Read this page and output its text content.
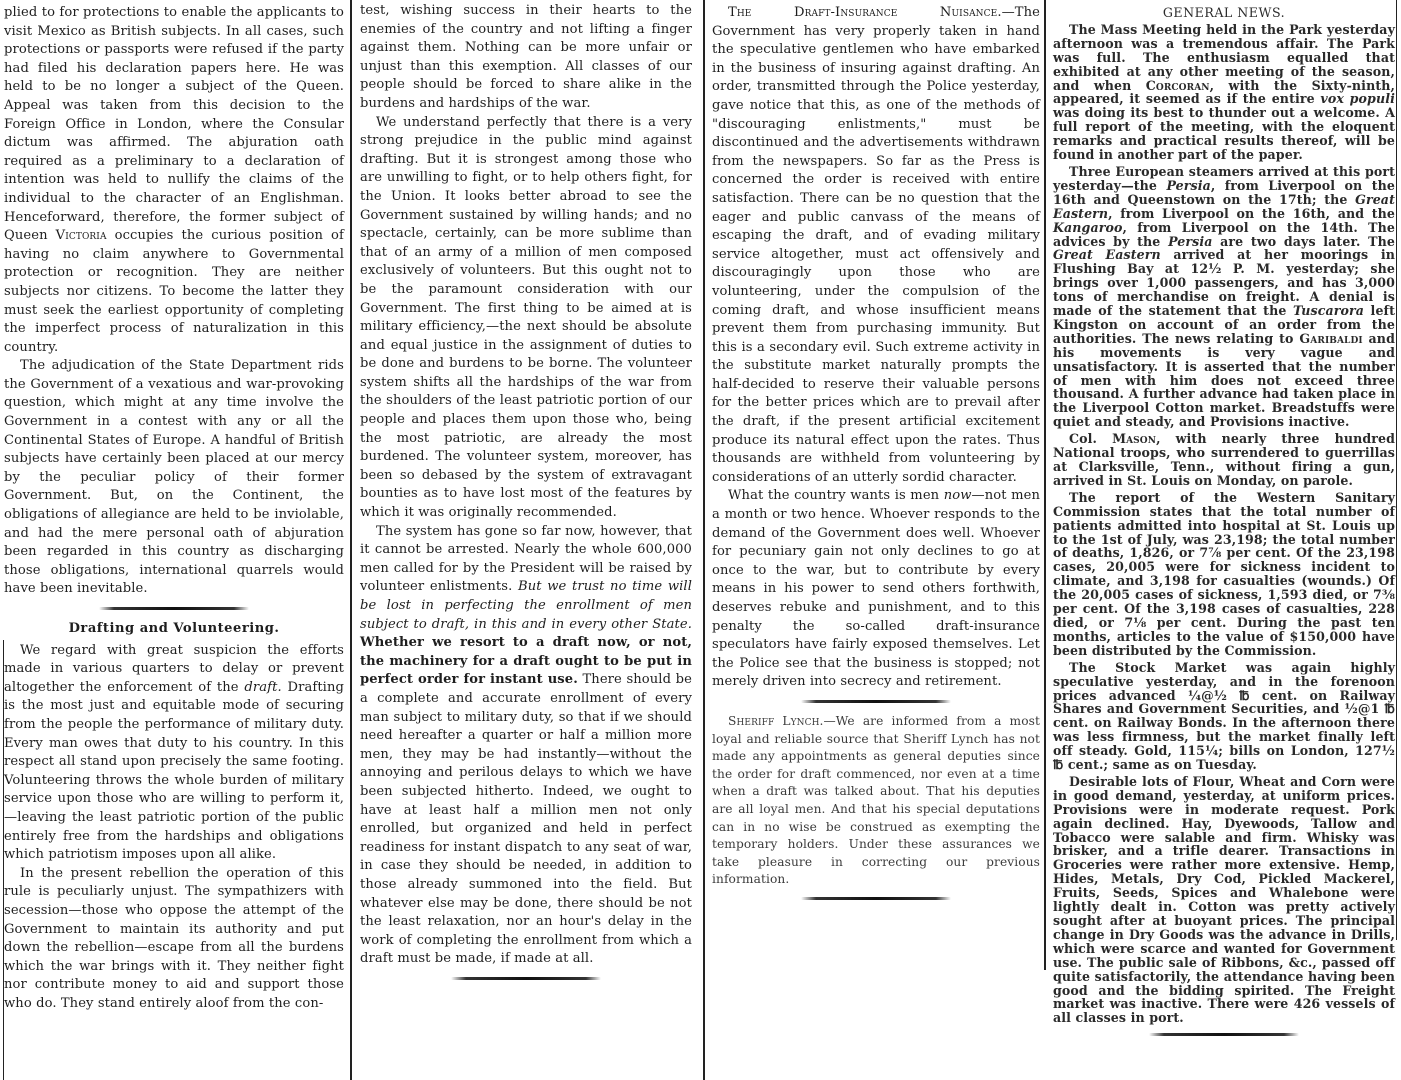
plied to for protections to enable the applicants to visit Mexico as British subjects. In all cases, such protections or passports were refused if the party had filed his declaration papers here. He was held to be no longer a subject of the Queen. Appeal was taken from this decision to the Foreign Office in London, where the Consular dictum was affirmed. The abjuration oath required as a preliminary to a declaration of intention was held to nullify the claims of the individual to the character of an Englishman. Henceforward, therefore, the former subject of Queen Victoria occupies the curious position of having no claim anywhere to Governmental protection or recognition. They are neither subjects nor citizens. To become the latter they must seek the earliest opportunity of completing the imperfect process of naturalization in this country.

The adjudication of the State Department rids the Government of a vexatious and war-provoking question, which might at any time involve the Government in a contest with any or all the Continental States of Europe. A handful of British subjects have certainly been placed at our mercy by the peculiar policy of their former Government. But, on the Continent, the obligations of allegiance are held to be inviolable, and had the mere personal oath of abjuration been regarded in this country as discharging those obligations, international quarrels would have been inevitable.

Drafting and Volunteering.

We regard with great suspicion the efforts made in various quarters to delay or prevent altogether the enforcement of the draft. Drafting is the most just and equitable mode of securing from the people the performance of military duty. Every man owes that duty to his country. In this respect all stand upon precisely the same footing. Volunteering throws the whole burden of military service upon those who are willing to perform it,—leaving the least patriotic portion of the public entirely free from the hardships and obligations which patriotism imposes upon all alike.

In the present rebellion the operation of this rule is peculiarly unjust. The sympathizers with secession—those who oppose the attempt of the Government to maintain its authority and put down the rebellion—escape from all the burdens which the war brings with it. They neither fight nor contribute money to aid and support those who do. They stand entirely aloof from the con-

test, wishing success in their hearts to the enemies of the country and not lifting a finger against them. Nothing can be more unfair or unjust than this exemption. All classes of our people should be forced to share alike in the burdens and hardships of the war.

We understand perfectly that there is a very strong prejudice in the public mind against drafting. But it is strongest among those who are unwilling to fight, or to help others fight, for the Union. It looks better abroad to see the Government sustained by willing hands; and no spectacle, certainly, can be more sublime than that of an army of a million of men composed exclusively of volunteers. But this ought not to be the paramount consideration with our Government. The first thing to be aimed at is military efficiency,—the next should be absolute and equal justice in the assignment of duties to be done and burdens to be borne. The volunteer system shifts all the hardships of the war from the shoulders of the least patriotic portion of our people and places them upon those who, being the most patriotic, are already the most burdened. The volunteer system, moreover, has been so debased by the system of extravagant bounties as to have lost most of the features by which it was originally recommended.

The system has gone so far now, however, that it cannot be arrested. Nearly the whole 600,000 men called for by the President will be raised by volunteer enlistments. But we trust no time will be lost in perfecting the enrollment of men subject to draft, in this and in every other State. Whether we resort to a draft now, or not, the machinery for a draft ought to be put in perfect order for instant use. There should be a complete and accurate enrollment of every man subject to military duty, so that if we should need hereafter a quarter or half a million more men, they may be had instantly—without the annoying and perilous delays to which we have been subjected hitherto. Indeed, we ought to have at least half a million men not only enrolled, but organized and held in perfect readiness for instant dispatch to any seat of war, in case they should be needed, in addition to those already summoned into the field. But whatever else may be done, there should be not the least relaxation, nor an hour's delay in the work of completing the enrollment from which a draft must be made, if made at all.

The Draft-Insurance Nuisance.—The Government has very properly taken in hand the speculative gentlemen who have embarked in the business of insuring against drafting. An order, transmitted through the Police yesterday, gave notice that this, as one of the methods of "discouraging enlistments," must be discontinued and the advertisements withdrawn from the newspapers. So far as the Press is concerned the order is received with entire satisfaction. There can be no question that the eager and public canvass of the means of escaping the draft, and of evading military service altogether, must act offensively and discouragingly upon those who are volunteering, under the compulsion of the coming draft, and whose insufficient means prevent them from purchasing immunity. But this is a secondary evil. Such extreme activity in the substitute market naturally prompts the half-decided to reserve their valuable persons for the better prices which are to prevail after the draft, if the present artificial excitement produce its natural effect upon the rates. Thus thousands are withheld from volunteering by considerations of an utterly sordid character.

What the country wants is men now—not men a month or two hence. Whoever responds to the demand of the Government does well. Whoever for pecuniary gain not only declines to go at once to the war, but to contribute by every means in his power to send others forthwith, deserves rebuke and punishment, and to this penalty the so-called draft-insurance speculators have fairly exposed themselves. Let the Police see that the business is stopped; not merely driven into secrecy and retirement.

Sheriff Lynch.—We are informed from a most loyal and reliable source that Sheriff Lynch has not made any appointments as general deputies since the order for draft commenced, nor even at a time when a draft was talked about. That his deputies are all loyal men. And that his special deputations can in no wise be construed as exempting the temporary holders. Under these assurances we take pleasure in correcting our previous information.

GENERAL NEWS.

The Mass Meeting held in the Park yesterday afternoon was a tremendous affair. The Park was full. The enthusiasm equalled that exhibited at any other meeting of the season, and when Corcoran, with the Sixty-ninth, appeared, it seemed as if the entire vox populi was doing its best to thunder out a welcome. A full report of the meeting, with the eloquent remarks and practical results thereof, will be found in another part of the paper.

Three European steamers arrived at this port yesterday—the Persia, from Liverpool on the 16th and Queenstown on the 17th; the Great Eastern, from Liverpool on the 16th, and the Kangaroo, from Liverpool on the 14th. The advices by the Persia are two days later. The Great Eastern arrived at her moorings in Flushing Bay at 12½ P. M. yesterday; she brings over 1,000 passengers, and has 3,000 tons of merchandise on freight. A denial is made of the statement that the Tuscarora left Kingston on account of an order from the authorities. The news relating to Garibaldi and his movements is very vague and unsatisfactory. It is asserted that the number of men with him does not exceed three thousand. A further advance had taken place in the Liverpool Cotton market. Breadstuffs were quiet and steady, and Provisions inactive.

Col. Mason, with nearly three hundred National troops, who surrendered to guerrillas at Clarksville, Tenn., without firing a gun, arrived in St. Louis on Monday, on parole.

The report of the Western Sanitary Commission states that the total number of patients admitted into hospital at St. Louis up to the 1st of July, was 23,198; the total number of deaths, 1,826, or 7⅞ per cent. Of the 23,198 cases, 20,005 were for sickness incident to climate, and 3,198 for casualties (wounds.) Of the 20,005 cases of sickness, 1,593 died, or 7⅜ per cent. Of the 3,198 cases of casualties, 228 died, or 7⅛ per cent. During the past ten months, articles to the value of $150,000 have been distributed by the Commission.

The Stock Market was again highly speculative yesterday, and in the forenoon prices advanced ¼@½ ℔ cent. on Railway Shares and Government Securities, and ½@1 ℔ cent. on Railway Bonds. In the afternoon there was less firmness, but the market finally left off steady. Gold, 115¼; bills on London, 127½ ℔ cent.; same as on Tuesday.

Desirable lots of Flour, Wheat and Corn were in good demand, yesterday, at uniform prices. Provisions were in moderate request. Pork again declined. Hay, Dyewoods, Tallow and Tobacco were salable and firm. Whisky was brisker, and a trifle dearer. Transactions in Groceries were rather more extensive. Hemp, Hides, Metals, Dry Cod, Pickled Mackerel, Fruits, Seeds, Spices and Whalebone were lightly dealt in. Cotton was pretty actively sought after at buoyant prices. The principal change in Dry Goods was the advance in Drills, which were scarce and wanted for Government use. The public sale of Ribbons, &c., passed off quite satisfactorily, the attendance having been good and the bidding spirited. The Freight market was inactive. There were 426 vessels of all classes in port.
